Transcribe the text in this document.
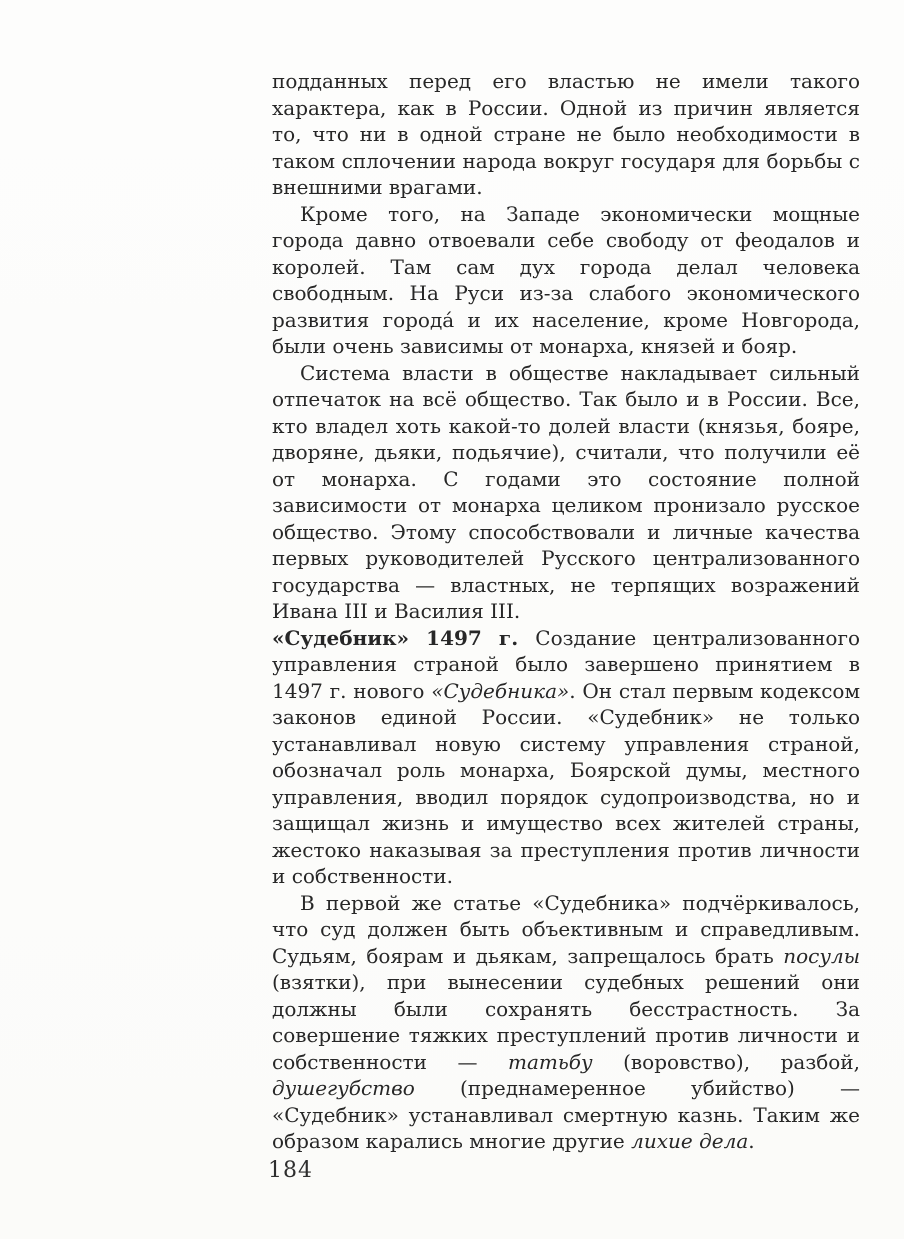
подданных перед его властью не имели такого характера, как в России. Одной из причин является то, что ни в одной стране не было необходимости в таком сплочении народа вокруг государя для борьбы с внешними врагами.

Кроме того, на Западе экономически мощные города давно отвоевали себе свободу от феодалов и королей. Там сам дух города делал человека свободным. На Руси из-за слабого экономического развития города́ и их население, кроме Новгорода, были очень зависимы от монарха, князей и бояр.

Система власти в обществе накладывает сильный отпечаток на всё общество. Так было и в России. Все, кто владел хоть какой-то долей власти (князья, бояре, дворяне, дьяки, подьячие), считали, что получили её от монарха. С годами это состояние полной зависимости от монарха целиком пронизало русское общество. Этому способствовали и личные качества первых руководителей Русского централизованного государства — властных, не терпящих возражений Ивана III и Василия III.

«Судебник» 1497 г. Создание централизованного управления страной было завершено принятием в 1497 г. нового «Судебника». Он стал первым кодексом законов единой России. «Судебник» не только устанавливал новую систему управления страной, обозначал роль монарха, Боярской думы, местного управления, вводил порядок судопроизводства, но и защищал жизнь и имущество всех жителей страны, жестоко наказывая за преступления против личности и собственности.

В первой же статье «Судебника» подчёркивалось, что суд должен быть объективным и справедливым. Судьям, боярам и дьякам, запрещалось брать посулы (взятки), при вынесении судебных решений они должны были сохранять бесстрастность. За совершение тяжких преступлений против личности и собственности — татьбу (воровство), разбой, душегубство (преднамеренное убийство) — «Судебник» устанавливал смертную казнь. Таким же образом карались многие другие лихие дела.

184
